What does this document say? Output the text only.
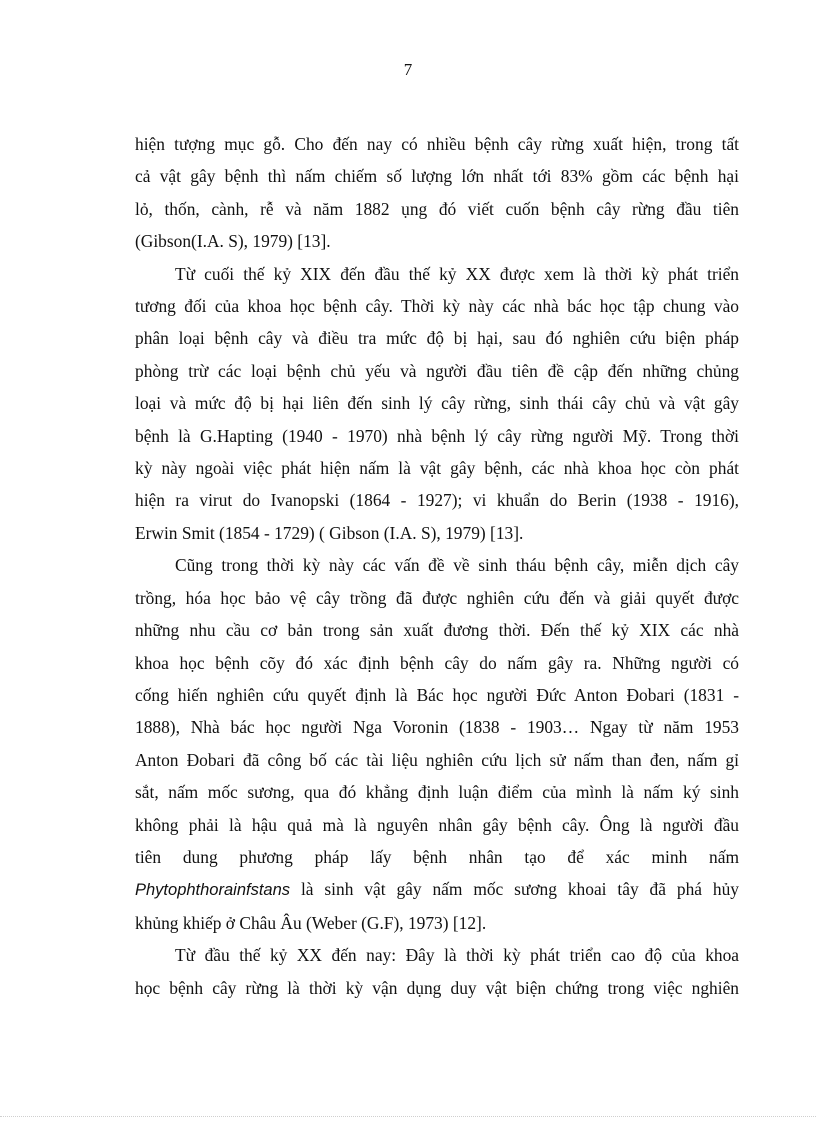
7

hiện tượng mục gỗ. Cho đến nay có nhiều bệnh cây rừng xuất hiện, trong tất
cả vật gây bệnh thì nấm chiếm số lượng lớn nhất tới 83% gồm các bệnh hại
lỏ, thốn, cành, rễ và năm 1882 ụng đó viết cuốn bệnh cây rừng đầu tiên
(Gibson(I.A. S), 1979) [13].

Từ cuối thế kỷ XIX đến đầu thế kỷ XX được xem là thời kỳ phát triển
tương đối của khoa học bệnh cây. Thời kỳ này các nhà bác học tập chung vào
phân loại bệnh cây và điều tra mức độ bị hại, sau đó nghiên cứu biện pháp
phòng trừ các loại bệnh chủ yếu và người đầu tiên đề cập đến những chủng
loại và mức độ bị hại liên đến sinh lý cây rừng, sinh thái cây chủ và vật gây
bệnh là G.Hapting (1940 - 1970) nhà bệnh lý cây rừng người Mỹ. Trong thời
kỳ này ngoài việc phát hiện nấm là vật gây bệnh, các nhà khoa học còn phát
hiện ra virut do Ivanopski (1864 - 1927); vi khuẩn do Berin (1938 - 1916),
Erwin Smit (1854 - 1729) ( Gibson (I.A. S), 1979) [13].

Cũng trong thời kỳ này các vấn đề về sinh tháu bệnh cây, miễn dịch cây
trồng, hóa học bảo vệ cây trồng đã được nghiên cứu đến và giải quyết được
những nhu cầu cơ bản trong sản xuất đương thời. Đến thế kỷ XIX các nhà
khoa học bệnh cõy đó xác định bệnh cây do nấm gây ra. Những người có
cống hiến nghiên cứu quyết định là Bác học người Đức Anton Đobari (1831 -
1888), Nhà bác học người Nga Voronin (1838 - 1903… Ngay từ năm 1953
Anton Đobari đã công bố các tài liệu nghiên cứu lịch sử nấm than đen, nấm gỉ
sắt, nấm mốc sương, qua đó khẳng định luận điểm của mình là nấm ký sinh
không phải là hậu quả mà là nguyên nhân gây bệnh cây. Ông là người đầu
tiên dung phương pháp lấy bệnh nhân tạo để xác minh nấm
Phytophthorainfstans là sinh vật gây nấm mốc sương khoai tây đã phá hủy
khủng khiếp ở Châu Âu (Weber (G.F), 1973) [12].

Từ đầu thế kỷ XX đến nay: Đây là thời kỳ phát triển cao độ của khoa
học bệnh cây rừng là thời kỳ vận dụng duy vật biện chứng trong việc nghiên
